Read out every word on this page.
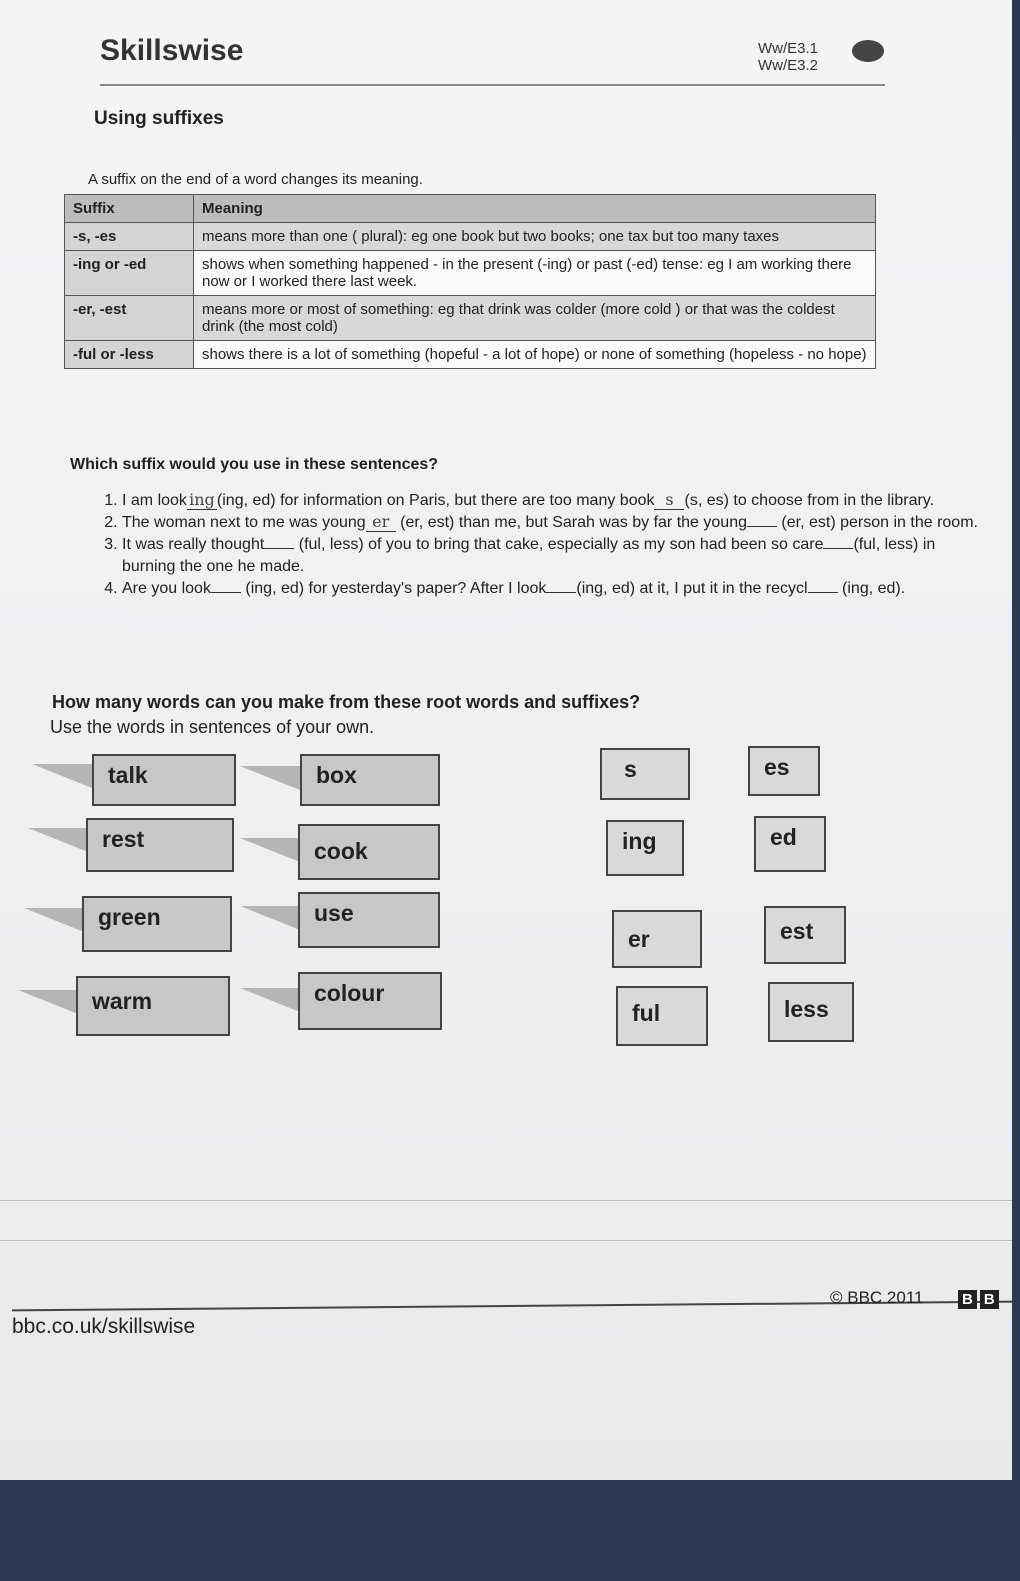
Skillswise	Ww/E3.1
Ww/E3.2
Using suffixes
A suffix on the end of a word changes its meaning.
Suffix	Meaning
-s, -es	means more than one ( plural): eg one book but two books; one tax but too many taxes
-ing or -ed	shows when something happened - in the present (-ing) or past (-ed) tense: eg I am working there now or I worked there last week.
-er, -est	means more or most of something: eg that drink was colder (more cold ) or that was the coldest drink (the most cold)
-ful or -less	shows there is a lot of something (hopeful - a lot of hope) or none of something (hopeless - no hope)
Which suffix would you use in these sentences?
1. I am look ing (ing, ed) for information on Paris, but there are too many book s (s, es) to choose from in the library.
2. The woman next to me was young er (er, est) than me, but Sarah was by far the young (er, est) person in the room.
3. It was really thought (ful, less) of you to bring that cake, especially as my son had been so care (ful, less) in burning the one he made.
4. Are you look (ing, ed) for yesterday's paper? After I look (ing, ed) at it, I put it in the recycl (ing, ed).
How many words can you make from these root words and suffixes?
Use the words in sentences of your own.
talk	box
rest	cook
green	use
warm	colour
s	es
ing	ed
er	est
ful	less
© BBC 2011	B B
bbc.co.uk/skillswise
